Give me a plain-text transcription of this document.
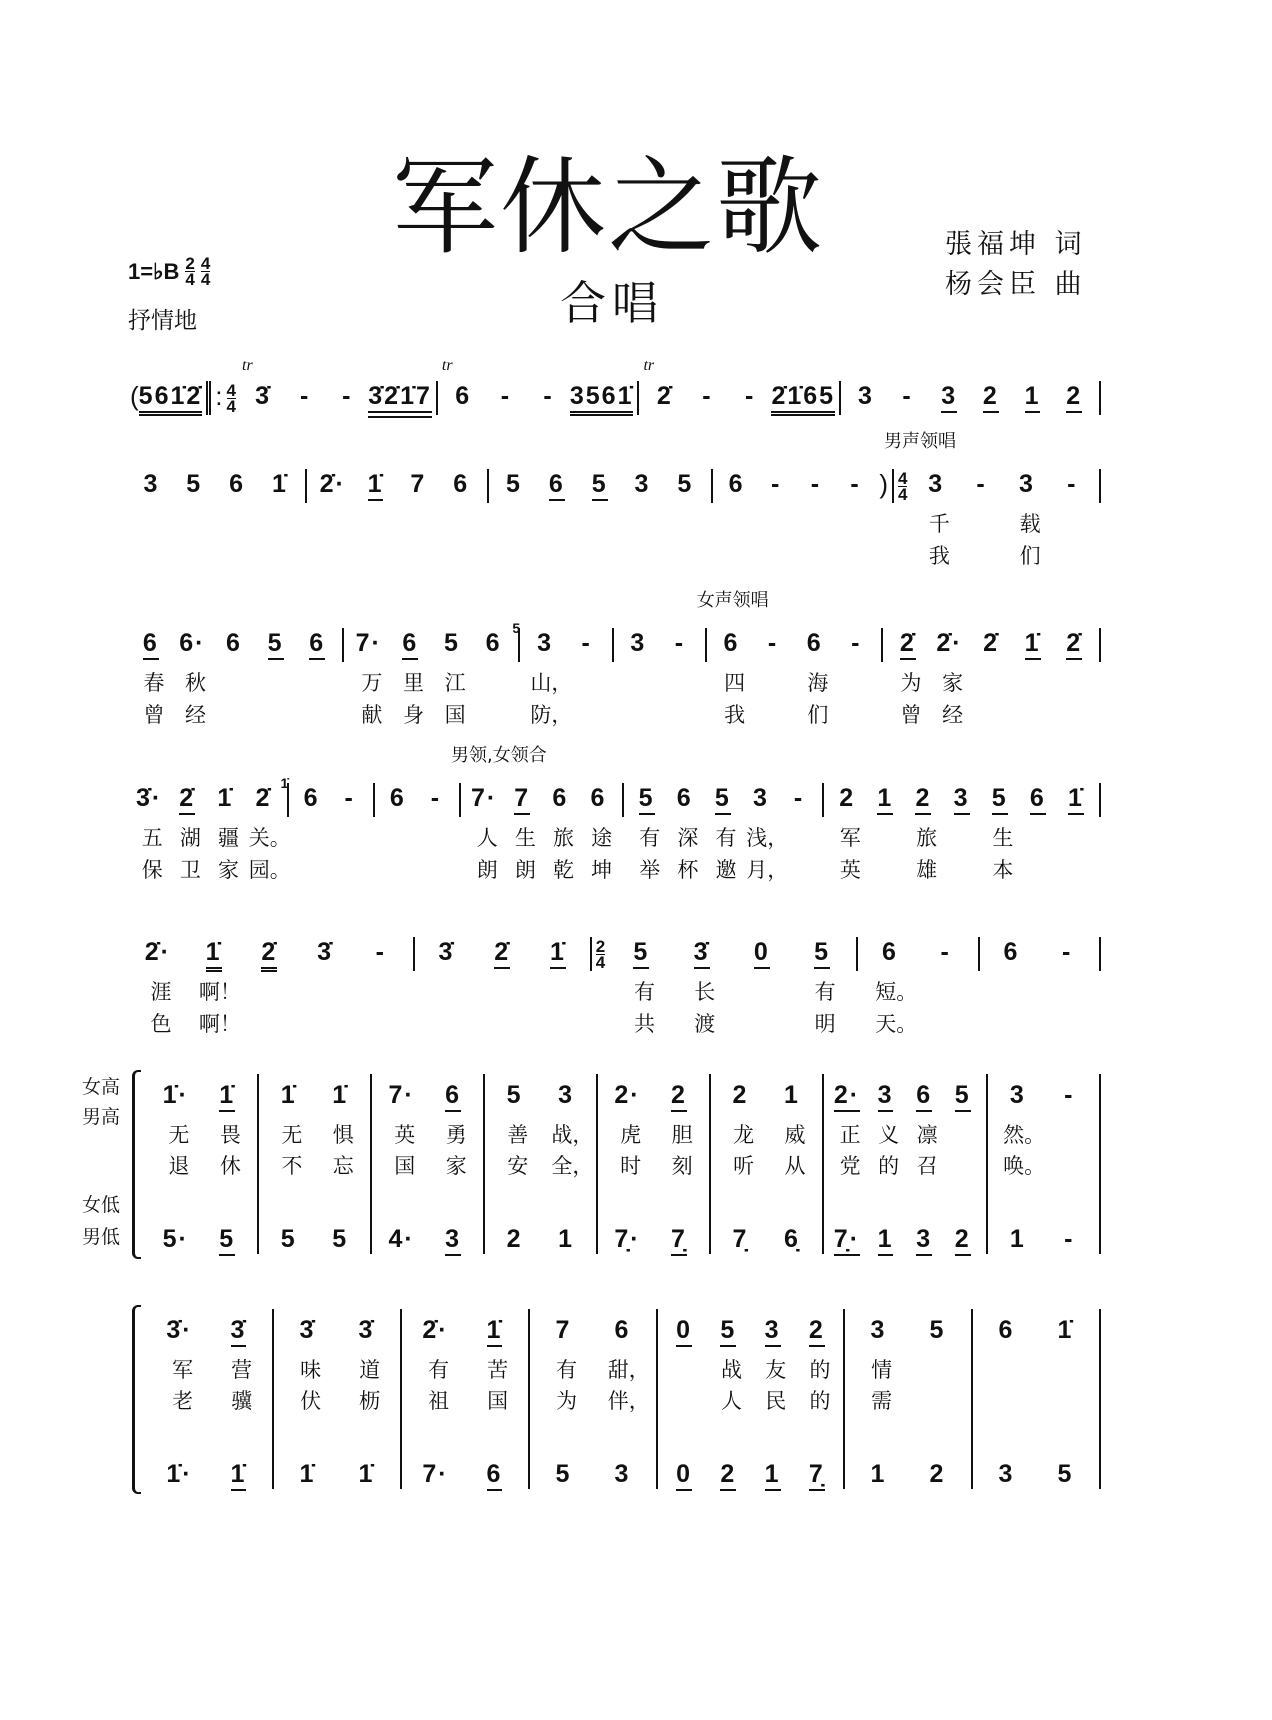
军休之歌
合唱
張福坤 词
杨会臣 曲
1=♭B $\frac{2}{4} \frac{4}{4}$
抒情地
( 561̇2̇ : $\frac{4}{4}$ 3̇
tr
- - 3̇2̇1̇7 6
tr
- - 3561̇ 2̇
tr
- - 2̇1̇65 3 - 3 2 1 2
3 5 6 1̇ 2̇· 1̇ 7 6 5 6 5 3 5 6 - - - ) $\frac{4}{4} 3$
千
我
- 3
载
们
-
男声领唱
6
春
曾
6·
秋
经
6 5 6 7·
万
献
6
里
身
5
江
国
6 3
5
山，
防，
- 3 - 6
四
我
- 6
海
们
-
女声领唱
2̇
为
曾
2̇·
家
经
2̇ 1̇ 2̇
3̇·
五
保
2̇
湖
卫
1̇
疆
家
2̇
关。
园。
6
1̇
- 6 - 7·
人
朗
7
生
朗
6
旅
乾
6
途
坤
男领,女领合
5
有
举
6
深
杯
5
有
邀
3
浅，
月，
- 2
军
英
1 2
旅
雄
3 5
生
本
6 1̇
2̇·
涯
色
1̇
啊！
啊！
2̇ 3̇ - 3̇ 2̇ 1̇ $\frac{2}{4} 5$
有
共
3̇
长
渡
0 5
有
明
6
短。
天。
- 6 -
1̇·
无
退
5·
1̇
畏
休
5
1̇
无
不
5
1̇
惧
忘
5
7·
英
国
4·
6
勇
家
3
5
善
安
2
3
战，
全，
1
2·
虎
时
7̣·
2
胆
刻
7̣
2
龙
听
7̣
1
威
从
6̣
2·
正
党
7̣·
3
义
的
1
6
凛
召
3
5
2
3
然。
唤。
1
-
-
3̇·
军
老
1̇·
3̇
营
骥
1̇
3̇
味
伏
1̇
3̇
道
枥
1̇
2̇·
有
祖
7·
1̇
苦
国
6
7
有
为
5
6
甜，
伴，
3
0
0
5
战
人
2
3
友
民
1
2
的
的
7̣
3
情
需
1
5
2
6
3
1̇
5
女高
男高
女低
男低
